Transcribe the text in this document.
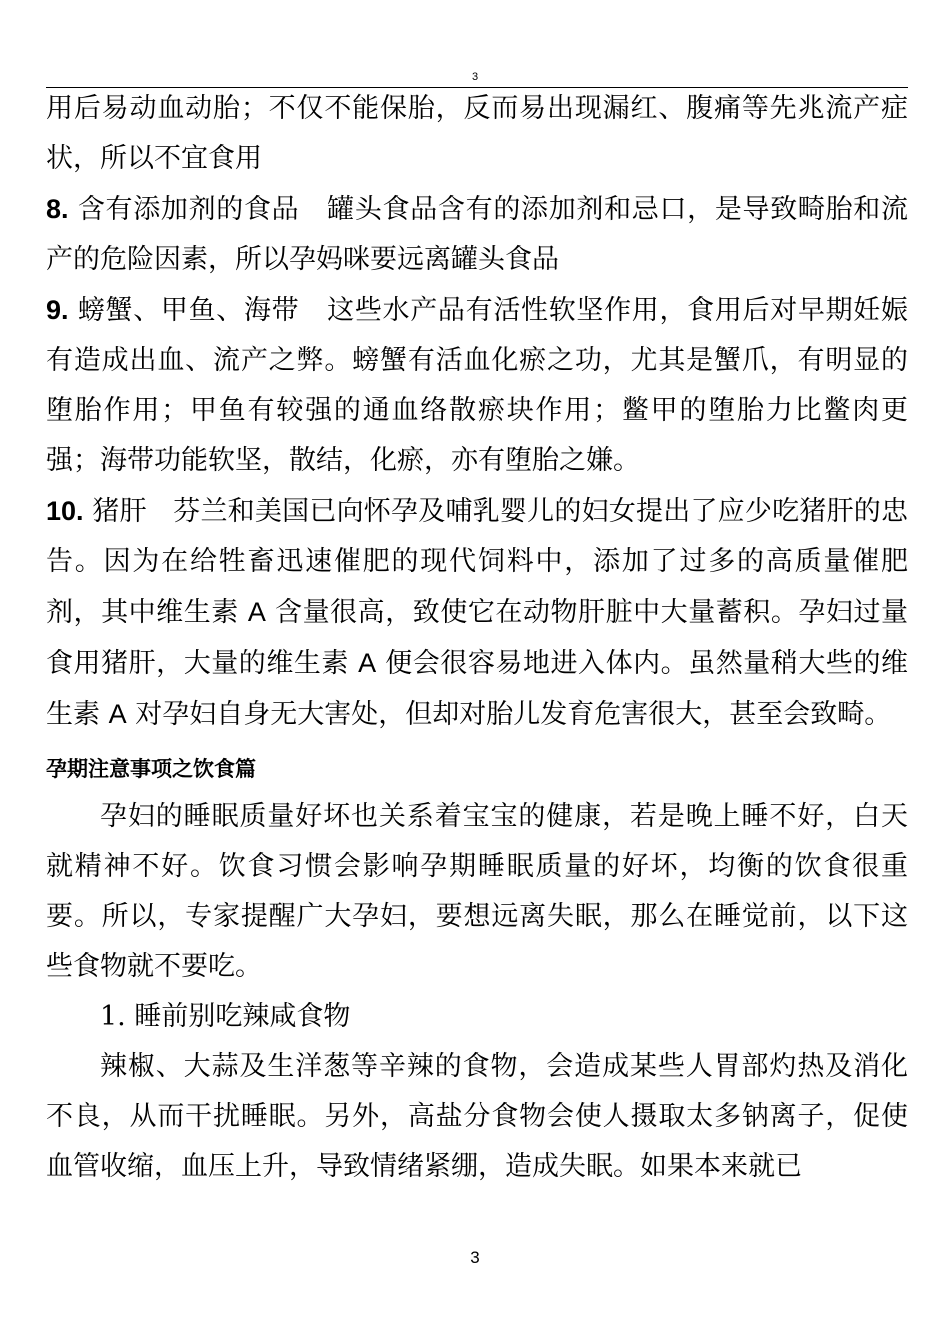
3

用后易动血动胎；不仅不能保胎，反而易出现漏红、腹痛等先兆流产症状，所以不宜食用

8. 含有添加剂的食品 罐头食品含有的添加剂和忌口，是导致畸胎和流产的危险因素，所以孕妈咪要远离罐头食品

9. 螃蟹、甲鱼、海带 这些水产品有活性软坚作用，食用后对早期妊娠有造成出血、流产之弊。螃蟹有活血化瘀之功，尤其是蟹爪，有明显的堕胎作用；甲鱼有较强的通血络散瘀块作用；鳖甲的堕胎力比鳖肉更强；海带功能软坚，散结，化瘀，亦有堕胎之嫌。

10. 猪肝 芬兰和美国已向怀孕及哺乳婴儿的妇女提出了应少吃猪肝的忠告。因为在给牲畜迅速催肥的现代饲料中，添加了过多的高质量催肥剂，其中维生素 A 含量很高，致使它在动物肝脏中大量蓄积。孕妇过量食用猪肝，大量的维生素 A 便会很容易地进入体内。虽然量稍大些的维生素 A 对孕妇自身无大害处，但却对胎儿发育危害很大，甚至会致畸。

孕期注意事项之饮食篇

孕妇的睡眠质量好坏也关系着宝宝的健康，若是晚上睡不好，白天就精神不好。饮食习惯会影响孕期睡眠质量的好坏，均衡的饮食很重要。所以，专家提醒广大孕妇，要想远离失眠，那么在睡觉前，以下这些食物就不要吃。

1. 睡前别吃辣咸食物

辣椒、大蒜及生洋葱等辛辣的食物，会造成某些人胃部灼热及消化不良，从而干扰睡眠。另外，高盐分食物会使人摄取太多钠离子，促使血管收缩，血压上升，导致情绪紧绷，造成失眠。如果本来就已

3
